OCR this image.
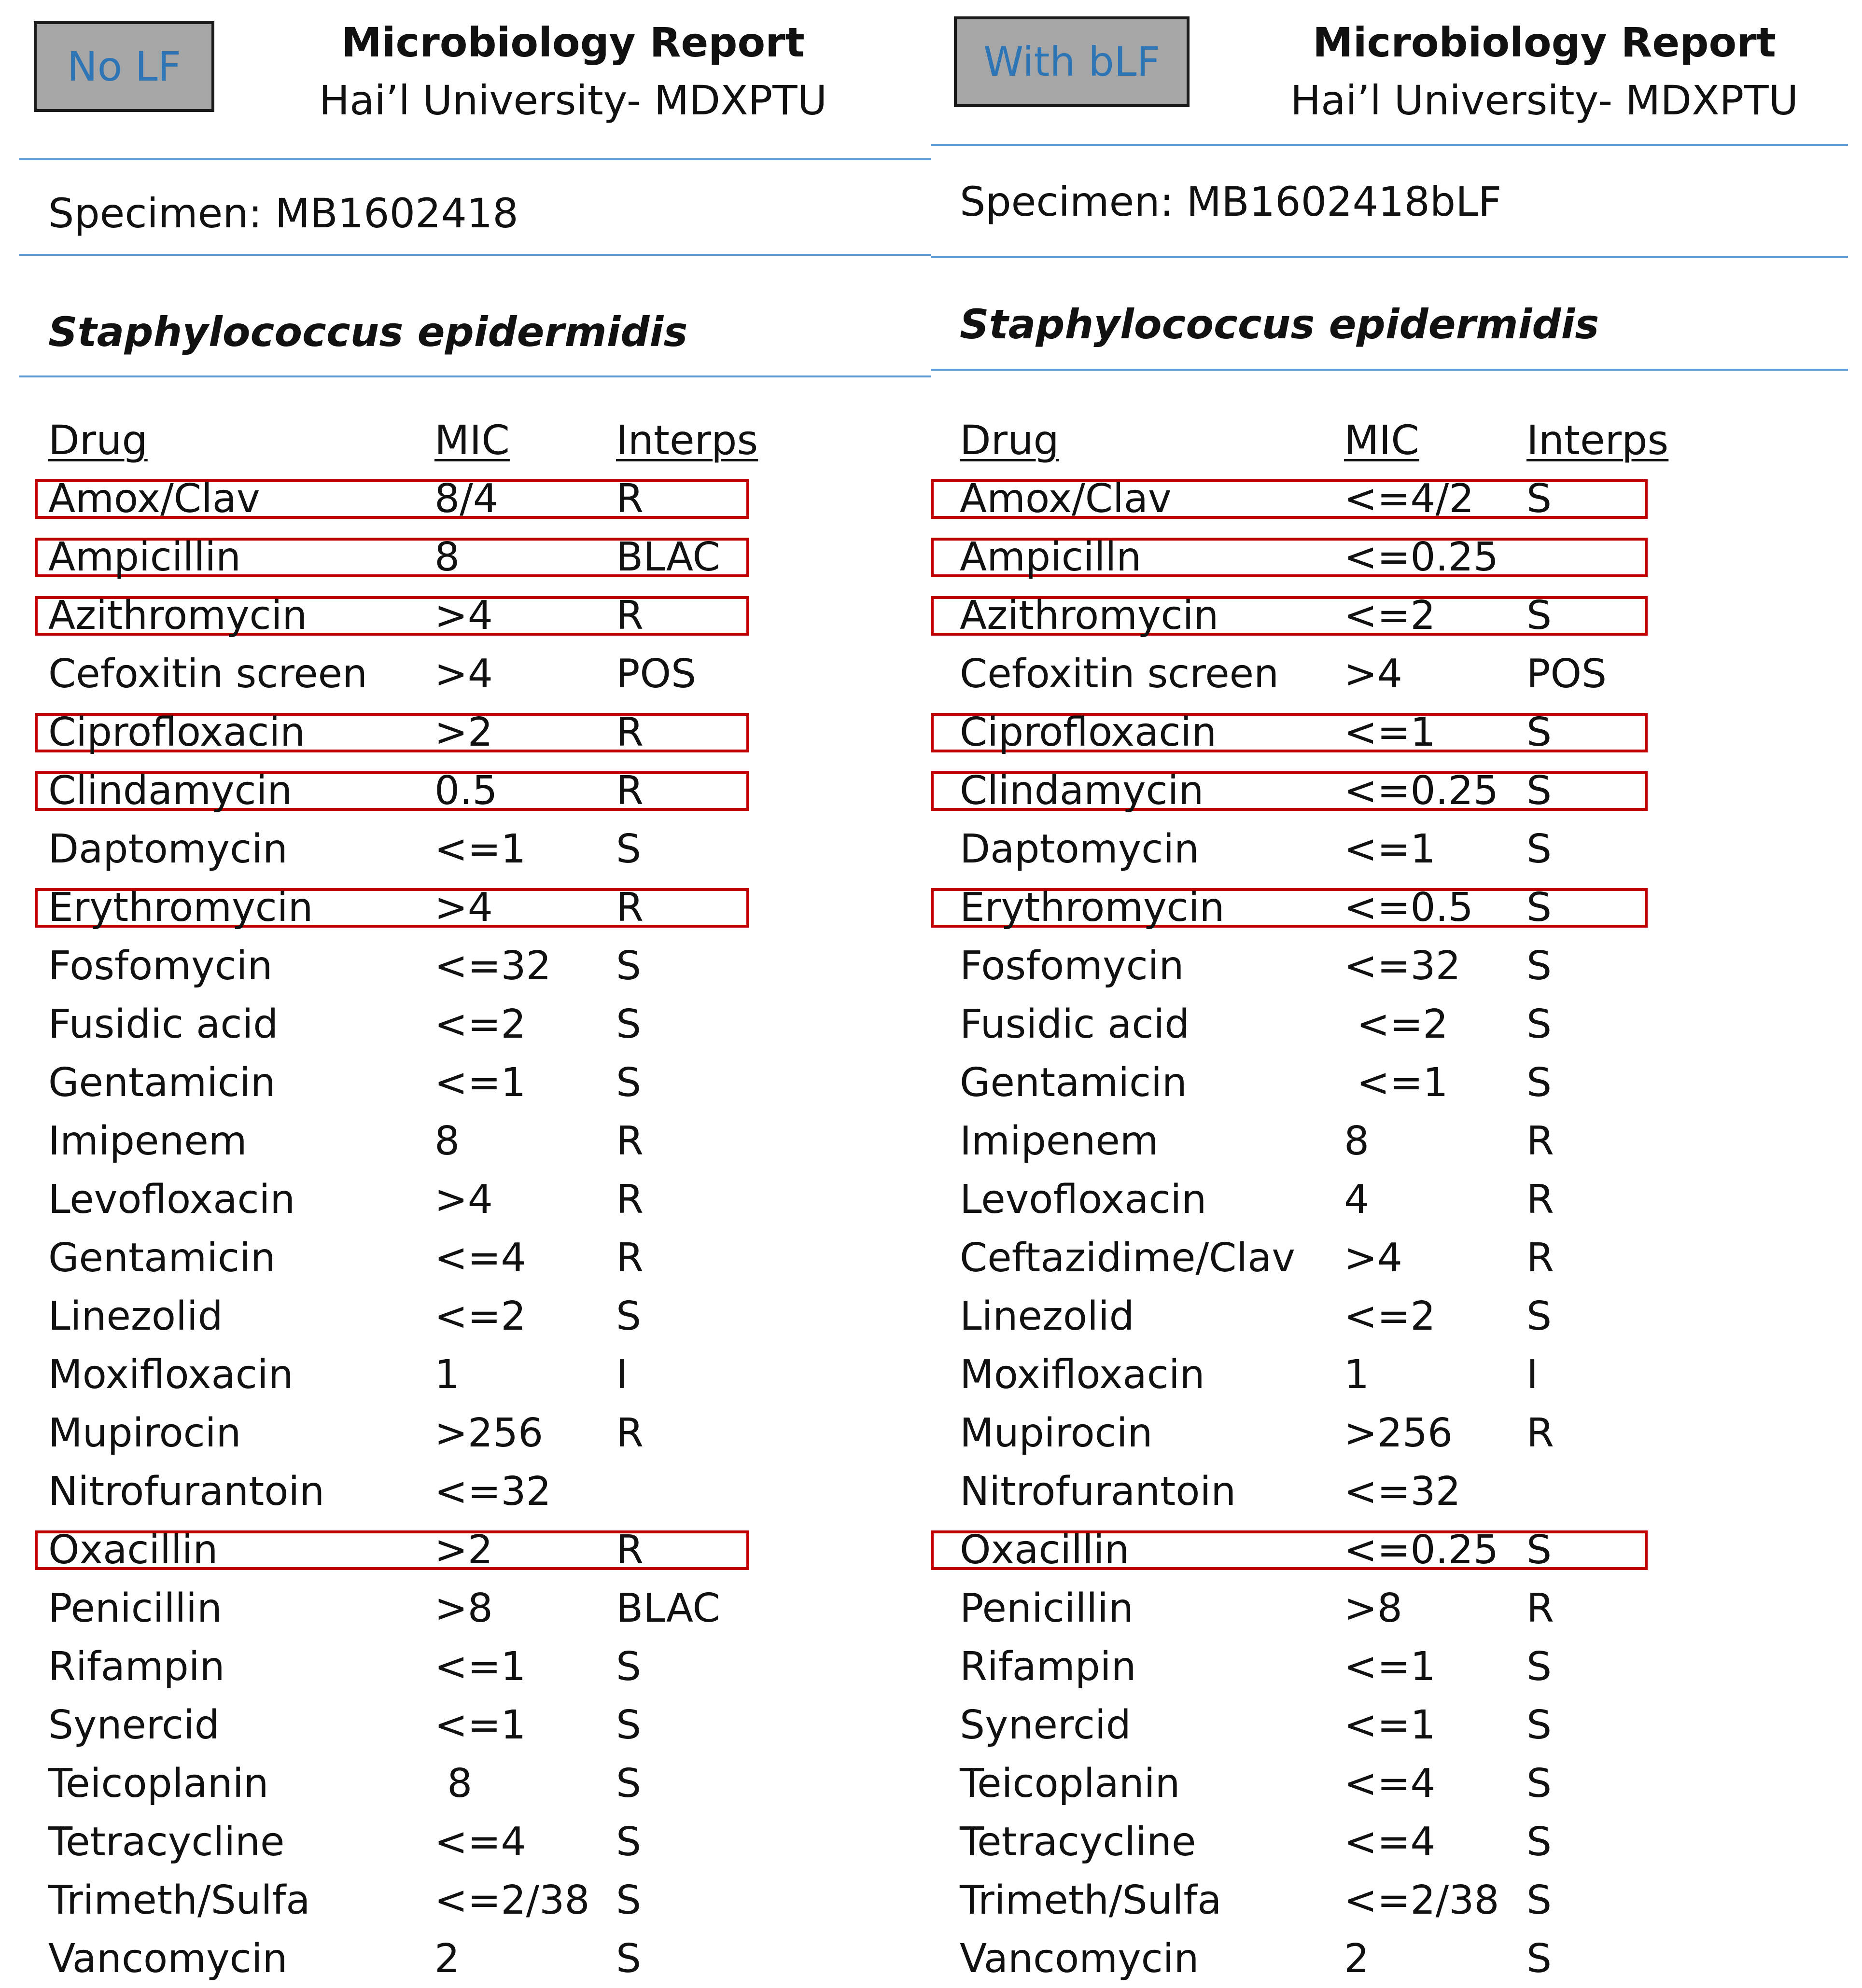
No LF
Microbiology Report
Hai’l University- MDXPTU
Specimen: MB1602418
Staphylococcus epidermidis
Drug	MIC	Interps
Amox/Clav	8/4	R
Ampicillin	8	BLAC
Azithromycin	>4	R
Cefoxitin screen >4	POS
Ciprofloxacin	>2	R
Clindamycin	0.5	R
Daptomycin	<=1 S
Erythromycin	>4	R
Fosfomycin	<=32 S
Fusidic acid	<=2 S
Gentamicin	<=1 S
Imipenem	8	R
Levofloxacin	>4	R
Gentamicin	<=4 R
Linezolid	<=2 S
Moxifloxacin	1	I
Mupirocin	>256 R
Nitrofurantoin	<=32
Oxacillin	>2	R
Penicillin	>8	BLAC
Rifampin	<=1 S
Synercid	<=1 S
Teicoplanin	8	S
Tetracycline	<=4 S
Trimeth/Sulfa	<=2/38 S
Vancomycin	2	S
With bLF	Microbiology Report
Hai’l University- MDXPTU
Specimen: MB1602418bLF
Staphylococcus epidermidis
Drug	MIC	Interps
Amox/Clav	<=4/2 S
Ampicilln	<=0.25
Azithromycin	<=2 S
Cefoxitin screen >4	POS
Ciprofloxacin	<=1 S
Clindamycin	<=0.25 S
Daptomycin	<=1 S
Erythromycin	<=0.5 S
Fosfomycin	<=32 S
Fusidic acid	<=2 S
Gentamicin	<=1 S
Imipenem	8	R
Levofloxacin	4	R
Ceftazidime/Clav >4	R
Linezolid	<=2 S
Moxifloxacin	1	I
Mupirocin	>256 R
Nitrofurantoin	<=32
Oxacillin	<=0.25 S
Penicillin	>8	R
Rifampin	<=1 S
Synercid	<=1 S
Teicoplanin	<=4 S
Tetracycline	<=4 S
Trimeth/Sulfa	<=2/38 S
Vancomycin	2	S
